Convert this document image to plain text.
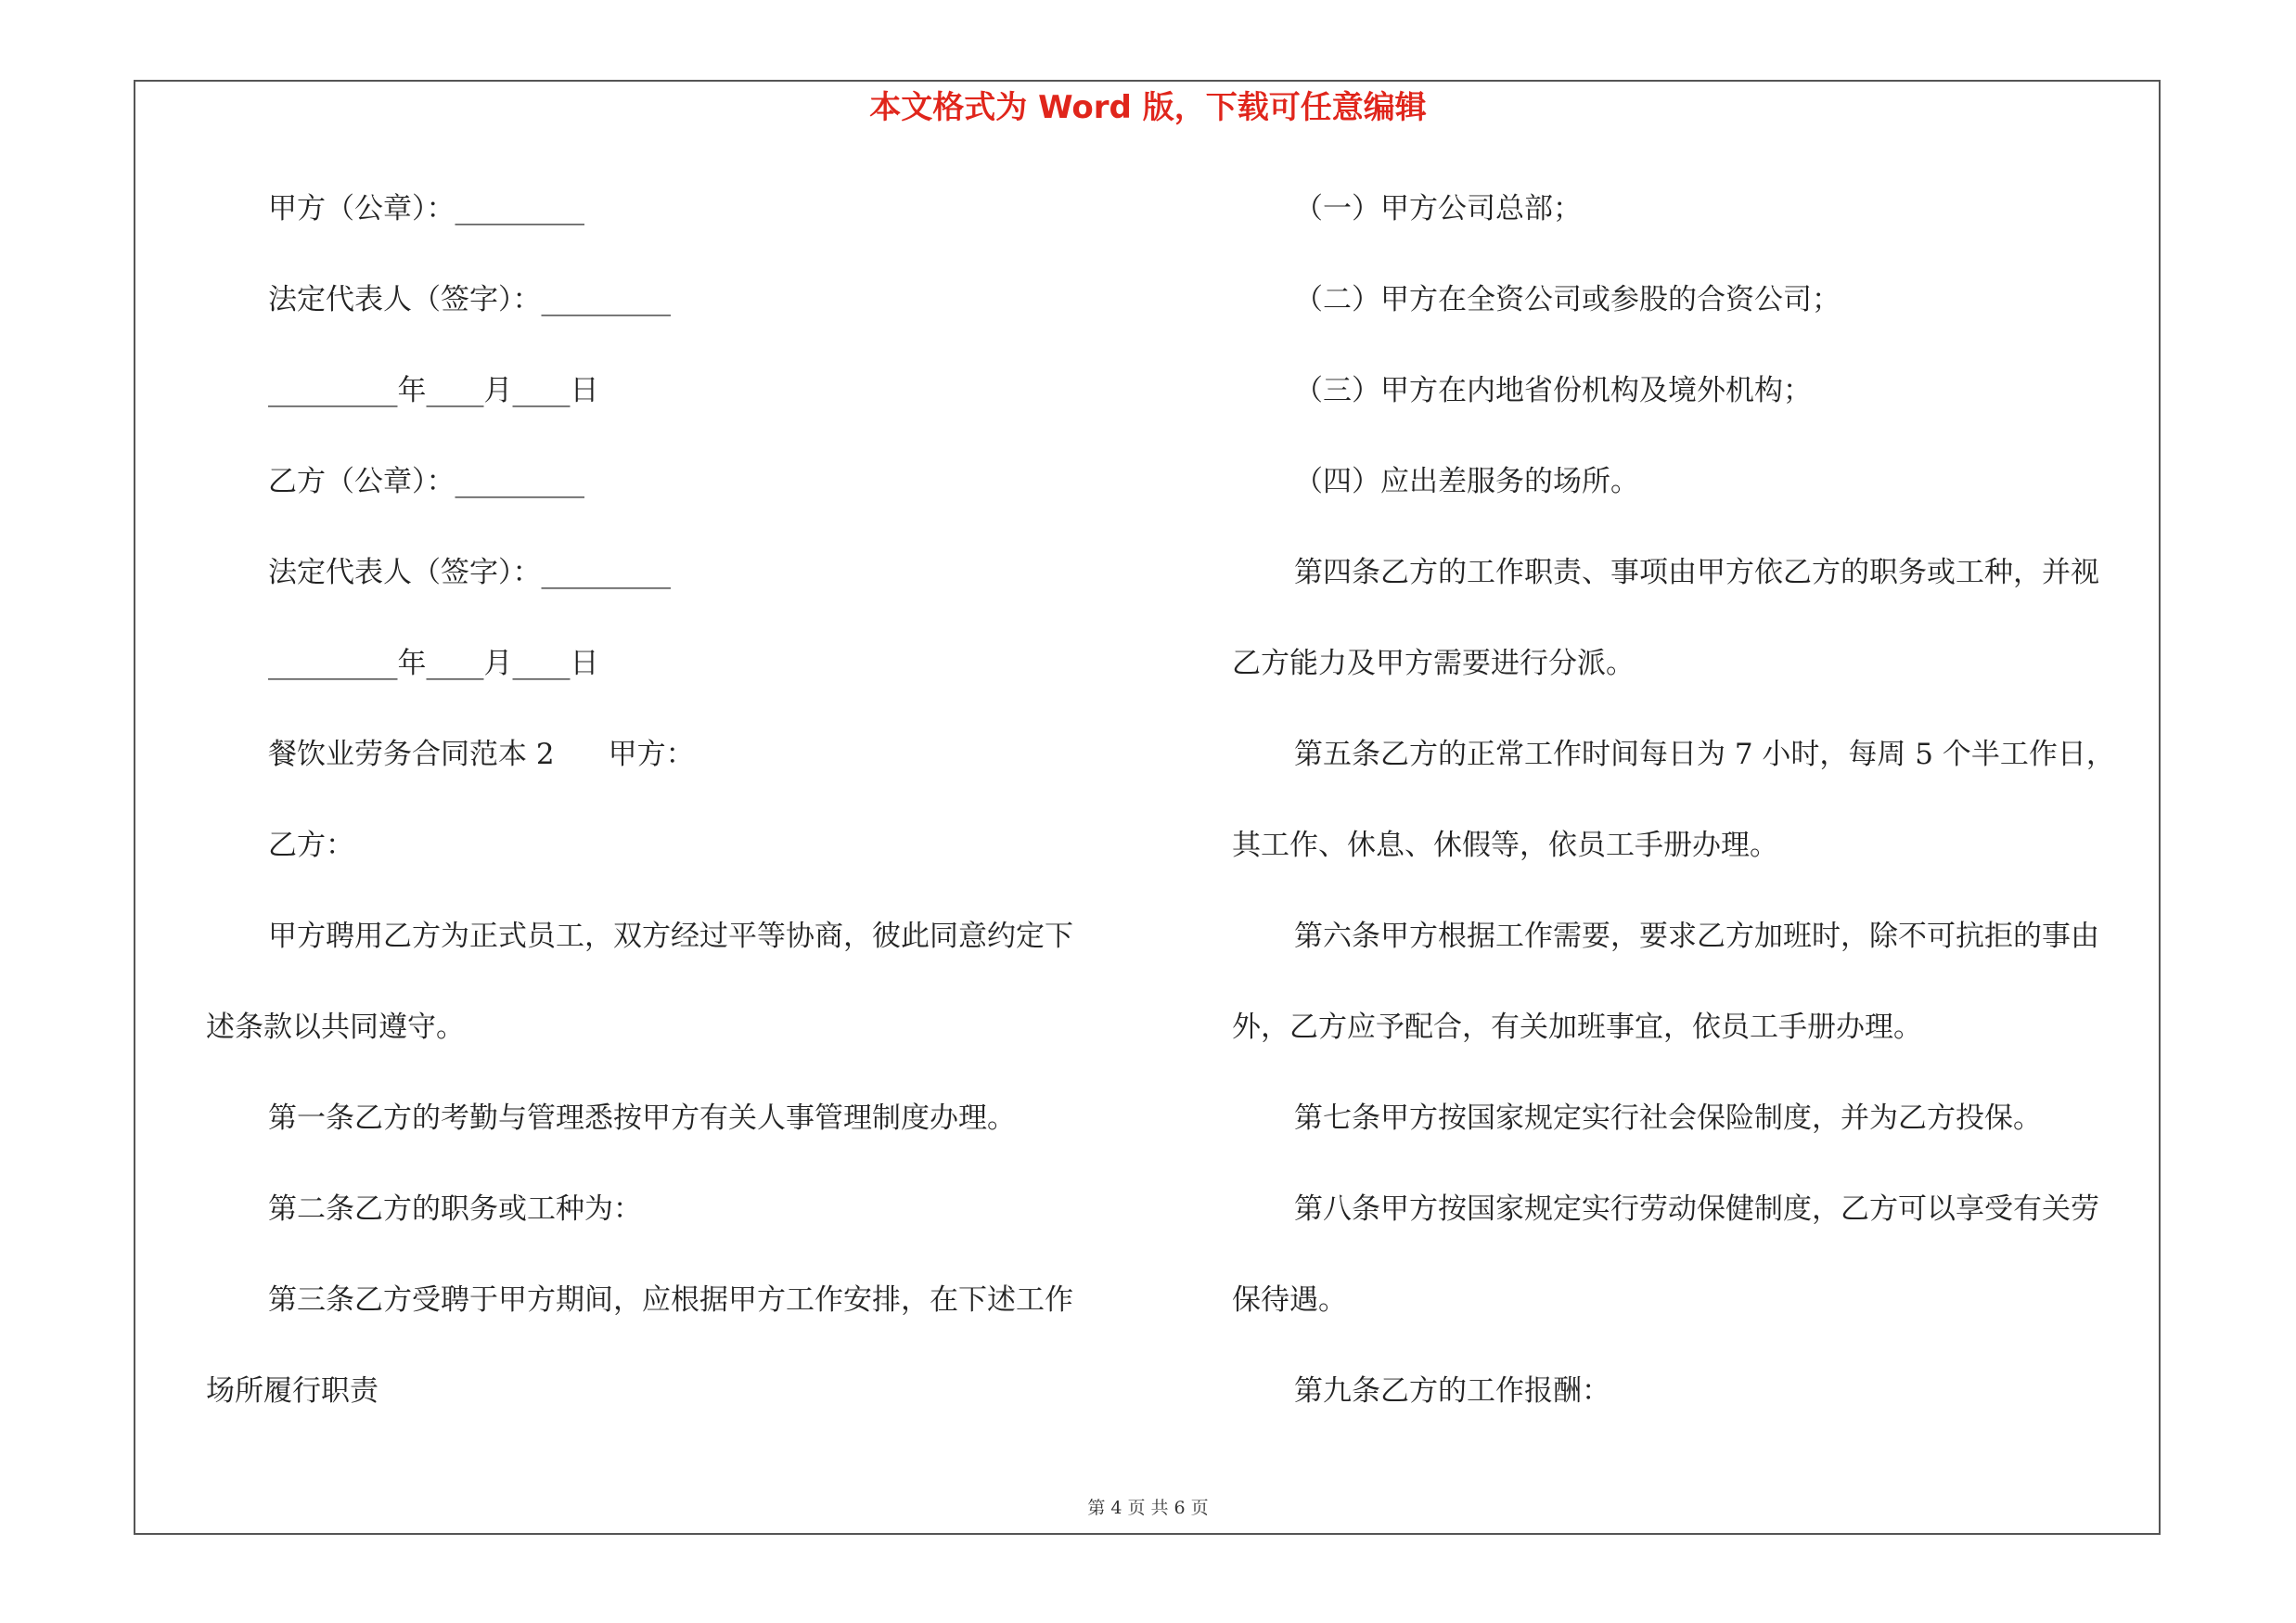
本文格式为 Word 版，下载可任意编辑
甲方（公章）：_________
法定代表人（签字）：_________
_________年____月____日
乙方（公章）：_________
法定代表人（签字）：_________
_________年____月____日
餐饮业劳务合同范本 2 甲方：
乙方：
甲方聘用乙方为正式员工，双方经过平等协商，彼此同意约定下
述条款以共同遵守。
第一条乙方的考勤与管理悉按甲方有关人事管理制度办理。
第二条乙方的职务或工种为：
第三条乙方受聘于甲方期间，应根据甲方工作安排，在下述工作
场所履行职责
（一）甲方公司总部；
（二）甲方在全资公司或参股的合资公司；
（三）甲方在内地省份机构及境外机构；
（四）应出差服务的场所。
第四条乙方的工作职责、事项由甲方依乙方的职务或工种，并视
乙方能力及甲方需要进行分派。
第五条乙方的正常工作时间每日为 7 小时，每周 5 个半工作日，
其工作、休息、休假等，依员工手册办理。
第六条甲方根据工作需要，要求乙方加班时，除不可抗拒的事由
外，乙方应予配合，有关加班事宜，依员工手册办理。
第七条甲方按国家规定实行社会保险制度，并为乙方投保。
第八条甲方按国家规定实行劳动保健制度，乙方可以享受有关劳
保待遇。
第九条乙方的工作报酬：
第 4 页 共 6 页
